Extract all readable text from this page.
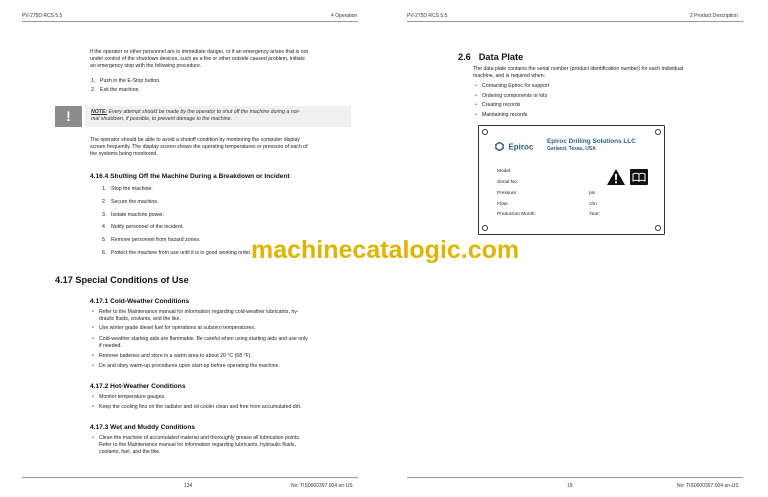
PV-275D RCS 5.5	4 Operation	PV-275D RCS 5.5	2 Product Description

If the operator or other personnel are in immediate danger, or if an emergency arises that is not

under control of the shutdown devices, such as a fire or other outside caused problem, initiate

an emergency stop with the following procedure.

1. Push in the E-Stop button.
2. Exit the machine.
!	NOTE: Every attempt should be made by the operator to shut off the machine during a nor-
mal shutdown, if possible, to prevent damage to the machine.

The operator should be able to avoid a shutoff condition by monitoring the computer display

screen frequently. The display screen shows the operating temperatures or pressure of each of

the systems being monitored.

4.16.4 Shutting Off the Machine During a Breakdown or Incident
1. Stop the machine.
2. Secure the machine.
3. Isolate machine power.
4. Notify personnel of the incident.
5. Remove personnel from hazard zones.
6. Protect the machine from use until it is in good working order.
4.17 Special Conditions of Use
4.17.1 Cold-Weather Conditions
• Refer to the Maintenance manual for information regarding cold-weather lubricants, hy-
draulic fluids, coolants, and the like.
• Use winter grade diesel fuel for operations at subzero temperatures.
• Cold-weather starting aids are flammable. Be careful when using starting aids and use only
if needed.
• Remove batteries and store in a warm area to about 20 °C (68 °F).
• Do and obey warm-up procedures upon start-up before operating the machine.
4.17.2 Hot-Weather Conditions
• Monitor temperature gauges.
• Keep the cooling fins on the radiator and oil cooler clean and free from accumulated dirt.
4.17.3 Wet and Muddy Conditions
• Clean the machine of accumulated material and thoroughly grease all lubrication points.
Refer to the Maintenance manual for information regarding lubricants, hydraulic fluids,
coolants, fuel, and the like.
2.6 Data Plate

The data plate contains the serial number (product identification number) for each individual

machine, and is required when:

• Contacting Epiroc for support
• Ordering components or kits
• Creating records
• Maintaining records
Epiroc
Epiroc Drilling Solutions LLC
Garland, Texas, USA
Model:
Serial No:
Pressure:	psi
Flow:	cfm
Production Month:	Year:
machinecatalogic.com
134	No: TIS0000397.004 en-US	19	No: TIS0000397.004 en-US
